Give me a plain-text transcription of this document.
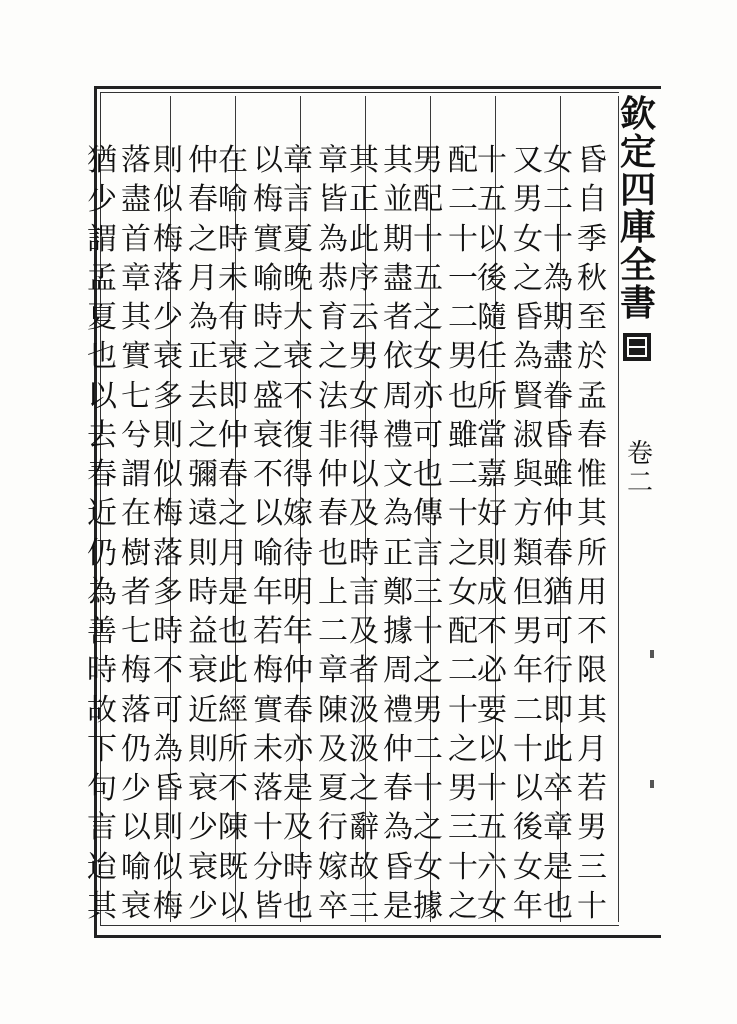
欽
定
四
庫
全
書
卷
二
昏
自
季
秋
至
於
孟
春
惟
其
所
用
不
限
其
月
若
男
三
十
女
二
十
為
期
盡
眷
昏
雖
仲
春
猶
可
行
即
此
卒
章
是
也
又
男
女
之
昏
為
賢
淑
與
方
類
但
男
年
二
十
以
後
女
年
十
五
以
後
隨
任
所
當
嘉
好
則
成
不
必
要
以
十
五
六
女
配
二
十
一
二
男
也
雖
二
十
之
女
配
二
十
之
男
三
十
之
男
配
十
五
之
女
亦
可
也
傳
言
三
十
之
男
二
十
之
女
據
其
並
期
盡
者
依
周
禮
文
為
正
鄭
據
周
禮
仲
春
為
昏
是
其
正
此
序
云
男
女
得
以
及
時
言
及
者
汲
汲
之
辭
故
三
章
皆
為
恭
育
之
法
非
仲
春
也
上
二
章
陳
及
夏
行
嫁
卒
章
言
夏
晚
大
衰
不
復
得
嫁
待
明
年
仲
春
亦
是
及
時
也
以
梅
實
喻
時
之
盛
衰
不
以
喻
年
若
梅
實
未
落
十
分
皆
在
喻
時
未
有
衰
即
仲
春
之
月
是
也
此
經
所
不
陳
既
以
仲
春
之
月
為
正
去
之
彌
遠
則
時
益
衰
近
則
衰
少
衰
少
則
似
梅
落
少
衰
多
則
似
梅
落
多
時
不
可
為
昏
則
似
梅
落
盡
首
章
其
實
七
兮
謂
在
樹
者
七
梅
落
仍
少
以
喻
衰
猶
少
謂
孟
夏
也
以
去
春
近
仍
為
善
時
故
下
句
言
迨
其
